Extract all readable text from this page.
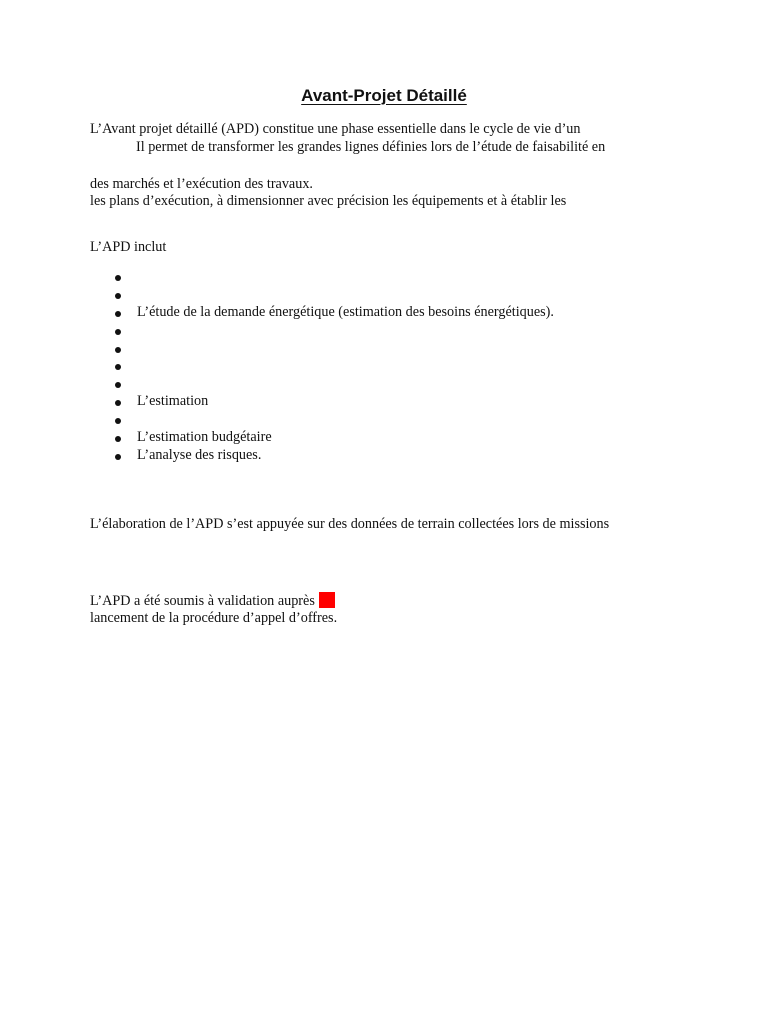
Avant-Projet Détaillé
L’Avant projet détaillé (APD) constitue une phase essentielle dans le cycle de vie d’un
Il permet de transformer les grandes lignes définies lors de l’étude de faisabilité en
des marchés et l’exécution des travaux.
les plans d’exécution, à dimensionner avec précision les équipements et à établir les
L’APD inclut
L’étude de la demande énergétique (estimation des besoins énergétiques).
L’estimation
L’estimation budgétaire
L’analyse des risques.
L’élaboration de l’APD s’est appuyée sur des données de terrain collectées lors de missions
L’APD a été soumis à validation auprès
lancement de la procédure d’appel d’offres.
